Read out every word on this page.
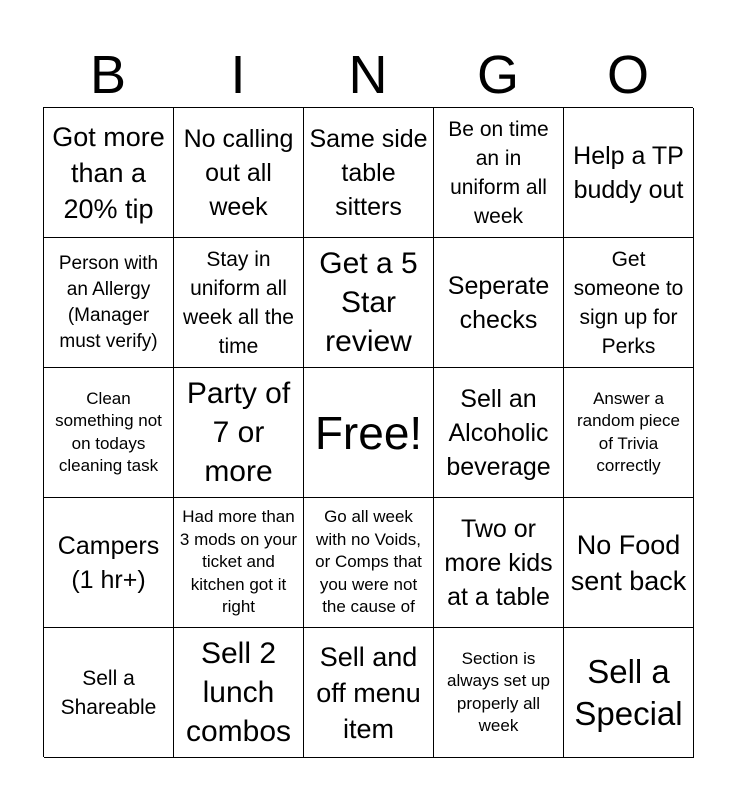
B	I	N	G	O
Got more than a 20% tip
No calling out all week
Same side table sitters
Be on time an in uniform all week
Help a TP buddy out
Person with an Allergy (Manager must verify)
Stay in uniform all week all the time
Get a 5 Star review
Seperate checks
Get someone to sign up for Perks
Clean something not on todays cleaning task
Party of 7 or more
Free!
Sell an Alcoholic beverage
Answer a random piece of Trivia correctly
Campers (1 hr+)
Had more than 3 mods on your ticket and kitchen got it right
Go all week with no Voids, or Comps that you were not the cause of
Two or more kids at a table
No Food sent back
Sell a Shareable
Sell 2 lunch combos
Sell and off menu item
Section is always set up properly all week
Sell a Special
